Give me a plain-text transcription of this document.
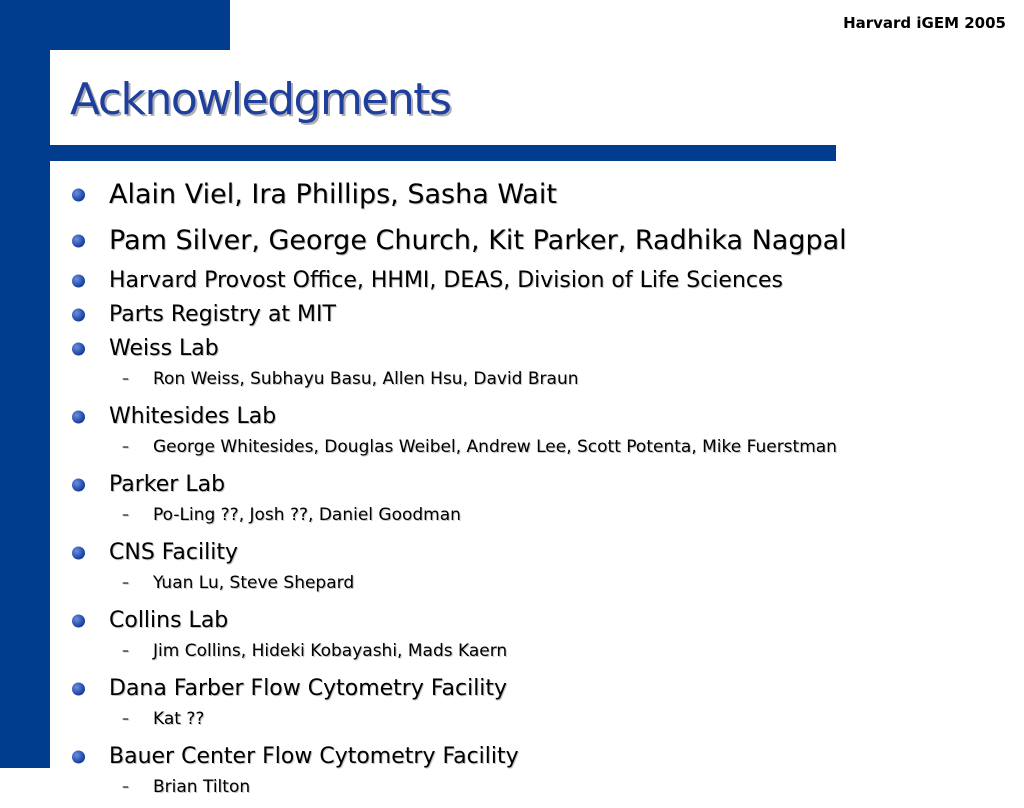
Harvard iGEM 2005
Acknowledgments
Alain Viel, Ira Phillips, Sasha Wait
Pam Silver, George Church, Kit Parker, Radhika Nagpal
Harvard Provost Office, HHMI, DEAS, Division of Life Sciences
Parts Registry at MIT
Weiss Lab
– Ron Weiss, Subhayu Basu, Allen Hsu, David Braun
Whitesides Lab
– George Whitesides, Douglas Weibel, Andrew Lee, Scott Potenta, Mike Fuerstman
Parker Lab
– Po-Ling ??, Josh ??, Daniel Goodman
CNS Facility
– Yuan Lu, Steve Shepard
Collins Lab
– Jim Collins, Hideki Kobayashi, Mads Kaern
Dana Farber Flow Cytometry Facility
– Kat ??
Bauer Center Flow Cytometry Facility
– Brian Tilton
